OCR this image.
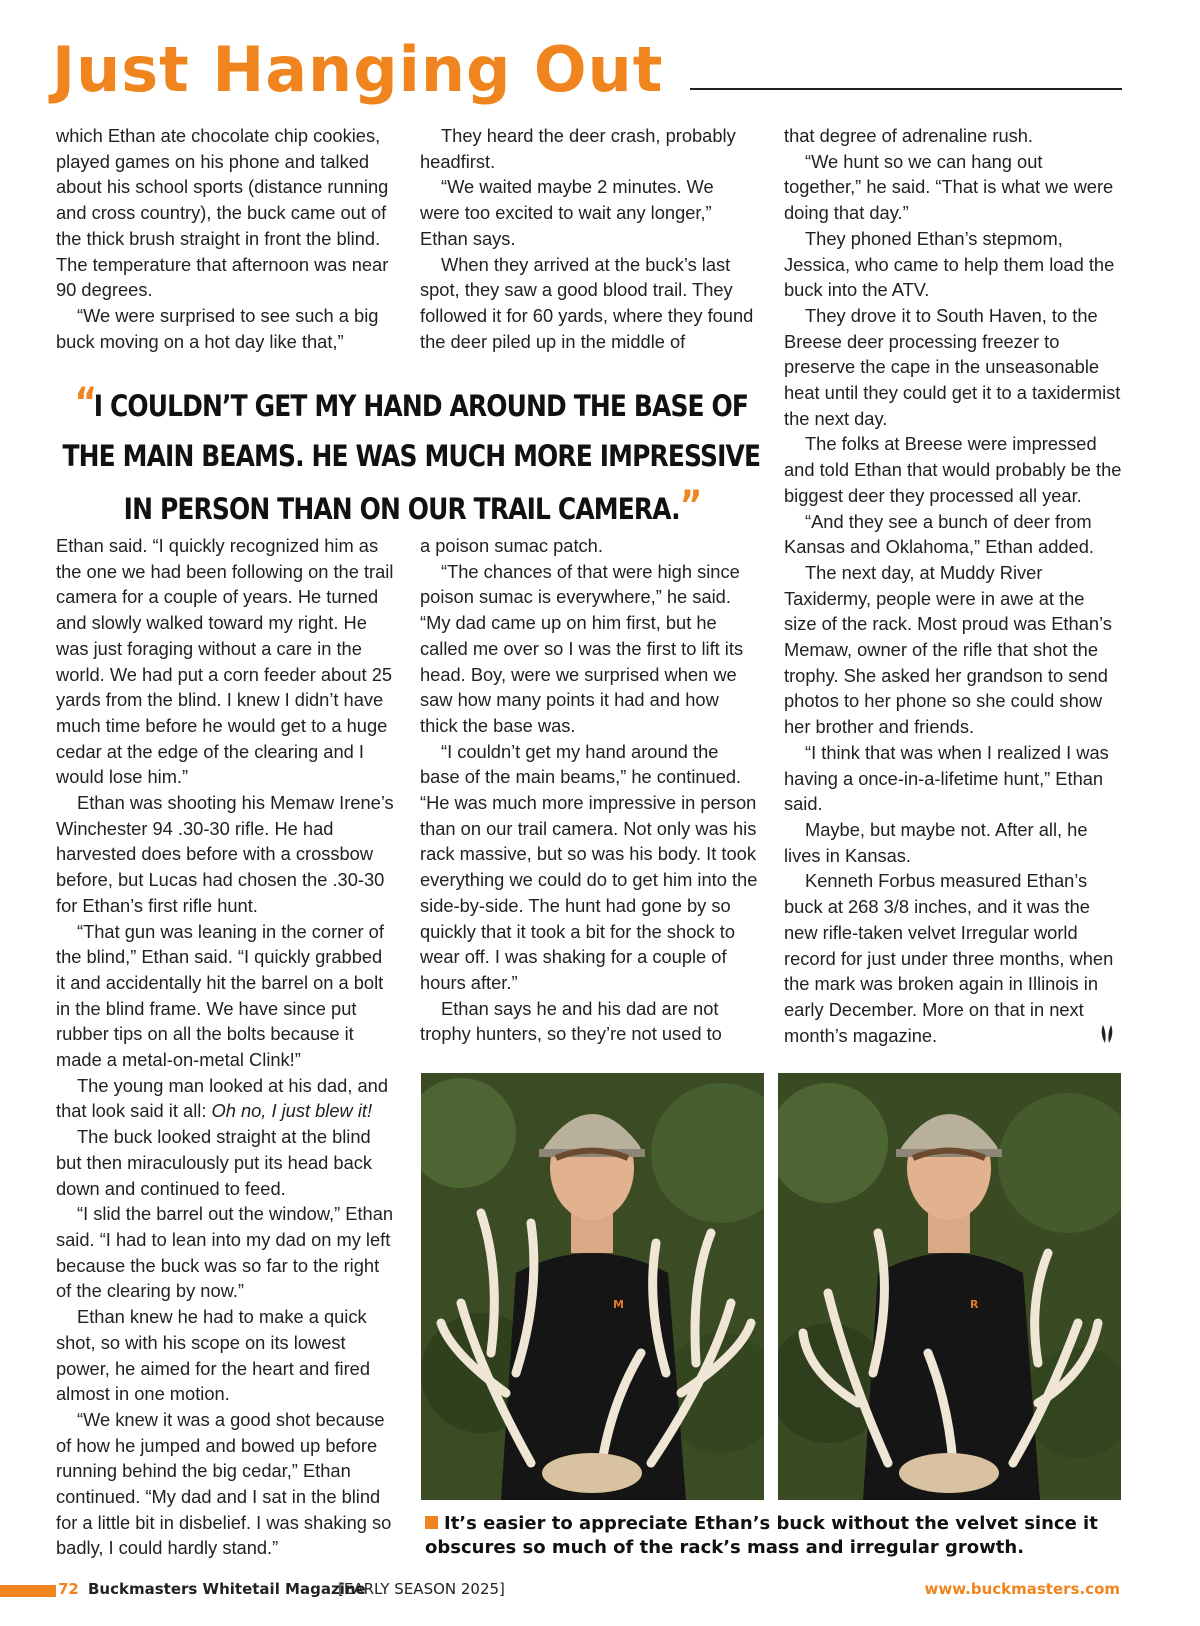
Just Hanging Out

which Ethan ate chocolate chip cookies, played games on his phone and talked about his school sports (distance running and cross country), the buck came out of the thick brush straight in front the blind. The temperature that afternoon was near 90 degrees.

“We were surprised to see such a big buck moving on a hot day like that,”

They heard the deer crash, probably headfirst.

“We waited maybe 2 minutes. We were too excited to wait any longer,” Ethan says.

When they arrived at the buck’s last spot, they saw a good blood trail. They followed it for 60 yards, where they found the deer piled up in the middle of

that degree of adrenaline rush.

“We hunt so we can hang out together,” he said. “That is what we were doing that day.”

They phoned Ethan’s stepmom, Jessica, who came to help them load the buck into the ATV.

They drove it to South Haven, to the Breese deer processing freezer to preserve the cape in the unseasonable heat until they could get it to a taxidermist the next day.

The folks at Breese were impressed and told Ethan that would probably be the biggest deer they processed all year.

“And they see a bunch of deer from Kansas and Oklahoma,” Ethan added.

The next day, at Muddy River Taxidermy, people were in awe at the size of the rack. Most proud was Ethan’s Memaw, owner of the rifle that shot the trophy. She asked her grandson to send photos to her phone so she could show her brother and friends.

“I think that was when I realized I was having a once-in-a-lifetime hunt,” Ethan said.

Maybe, but maybe not. After all, he lives in Kansas.

Kenneth Forbus measured Ethan’s buck at 268 3/8 inches, and it was the new rifle-taken velvet Irregular world record for just under three months, when the mark was broken again in Illinois in early December. More on that in next month’s magazine.

“I COULDN’T GET MY HAND AROUND THE BASE OF THE MAIN BEAMS. HE WAS MUCH MORE IMPRESSIVE IN PERSON THAN ON OUR TRAIL CAMERA.”

Ethan said. “I quickly recognized him as the one we had been following on the trail camera for a couple of years. He turned and slowly walked toward my right. He was just foraging without a care in the world. We had put a corn feeder about 25 yards from the blind. I knew I didn’t have much time before he would get to a huge cedar at the edge of the clearing and I would lose him.”

Ethan was shooting his Memaw Irene’s Winchester 94 .30-30 rifle. He had harvested does before with a crossbow before, but Lucas had chosen the .30-30 for Ethan’s first rifle hunt.

“That gun was leaning in the corner of the blind,” Ethan said. “I quickly grabbed it and accidentally hit the barrel on a bolt in the blind frame. We have since put rubber tips on all the bolts because it made a metal-on-metal Clink!”

The young man looked at his dad, and that look said it all: Oh no, I just blew it!

The buck looked straight at the blind but then miraculously put its head back down and continued to feed.

“I slid the barrel out the window,” Ethan said. “I had to lean into my dad on my left because the buck was so far to the right of the clearing by now.”

Ethan knew he had to make a quick shot, so with his scope on its lowest power, he aimed for the heart and fired almost in one motion.

“We knew it was a good shot because of how he jumped and bowed up before running behind the big cedar,” Ethan continued. “My dad and I sat in the blind for a little bit in disbelief. I was shaking so badly, I could hardly stand.”

a poison sumac patch.

“The chances of that were high since poison sumac is everywhere,” he said. “My dad came up on him first, but he called me over so I was the first to lift its head. Boy, were we surprised when we saw how many points it had and how thick the base was.

“I couldn’t get my hand around the base of the main beams,” he continued. “He was much more impressive in person than on our trail camera. Not only was his rack massive, but so was his body. It took everything we could do to get him into the side-by-side. The hunt had gone by so quickly that it took a bit for the shock to wear off. I was shaking for a couple of hours after.”

Ethan says he and his dad are not trophy hunters, so they’re not used to

M	R
It’s easier to appreciate Ethan’s buck without the velvet since it obscures so much of the rack’s mass and irregular growth.
72 Buckmasters Whitetail Magazine
[EARLY SEASON 2025]	www.buckmasters.com
